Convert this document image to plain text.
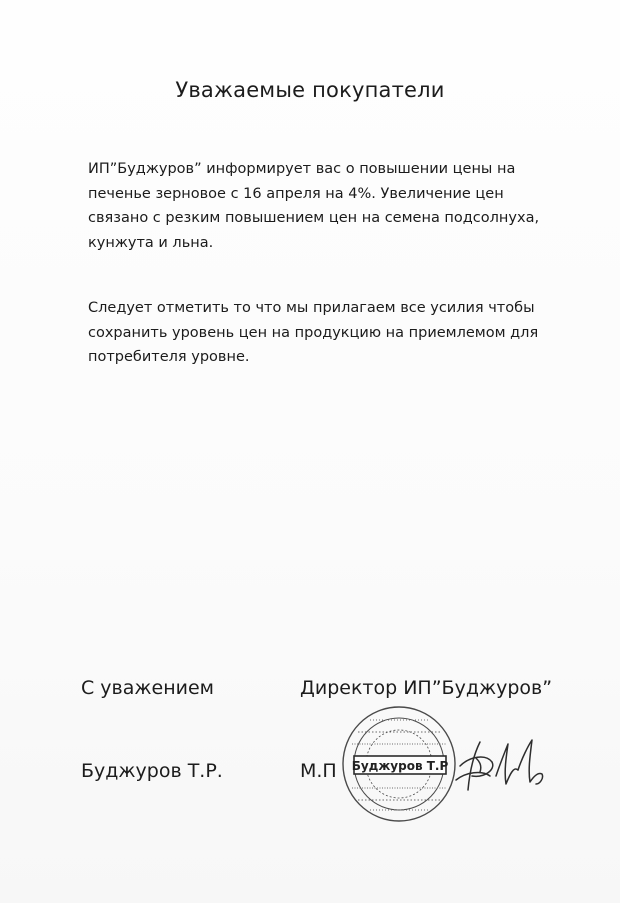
Уважаемые покупатели
ИП”Буджуров” информирует вас о повышении цены на
печенье зерновое с 16 апреля на 4%. Увеличение цен
связано с резким повышением цен на семена подсолнуха,
кунжута и льна.
Следует отметить то что мы прилагаем все усилия чтобы
сохранить уровень цен на продукцию на приемлемом для
потребителя уровне.
С уважением	Директор ИП”Буджуров”
Буджуров Т.Р.	М.П Буджуров Т.Р
